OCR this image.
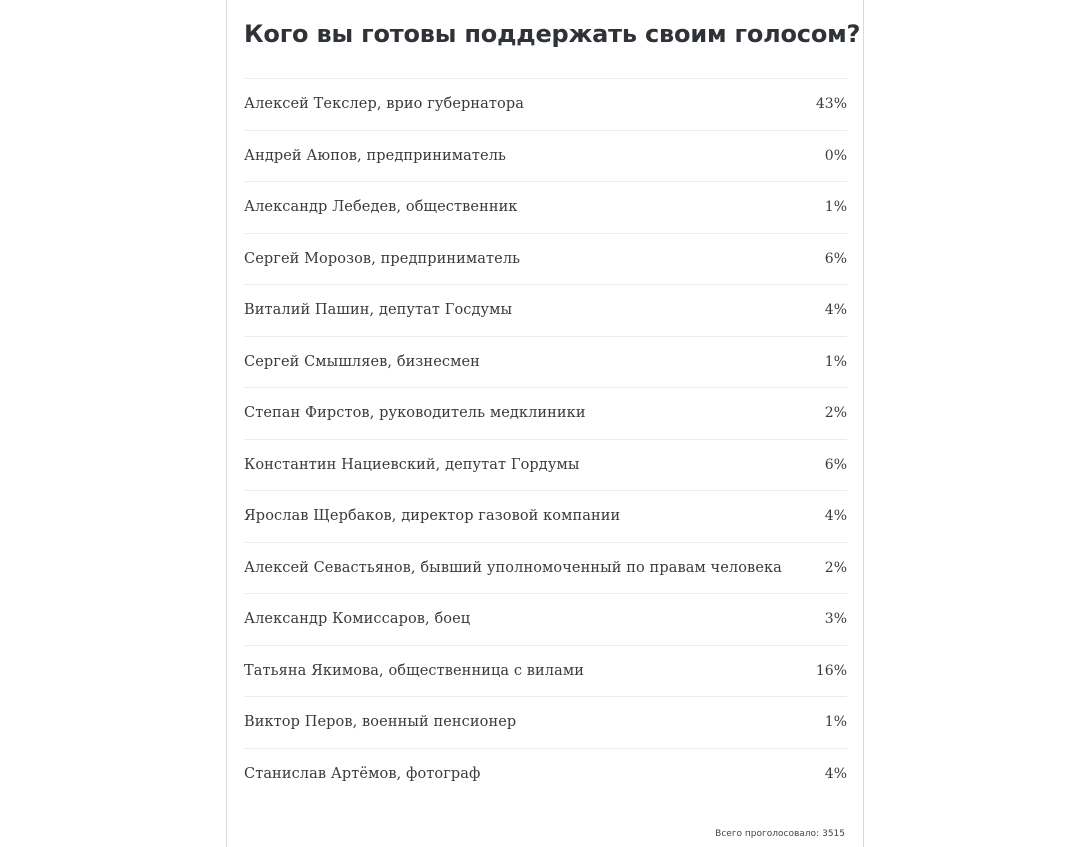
Кого вы готовы поддержать своим голосом?
Алексей Текслер, врио губернатора	43%
Андрей Аюпов, предприниматель	0%
Александр Лебедев, общественник	1%
Сергей Морозов, предприниматель	6%
Виталий Пашин, депутат Госдумы	4%
Сергей Смышляев, бизнесмен	1%
Степан Фирстов, руководитель медклиники	2%
Константин Нациевский, депутат Гордумы	6%
Ярослав Щербаков, директор газовой компании	4%
Алексей Севастьянов, бывший уполномоченный по правам человека	2%
Александр Комиссаров, боец	3%
Татьяна Якимова, общественница с вилами	16%
Виктор Перов, военный пенсионер	1%
Станислав Артёмов, фотограф	4%
Всего проголосовало: 3515
